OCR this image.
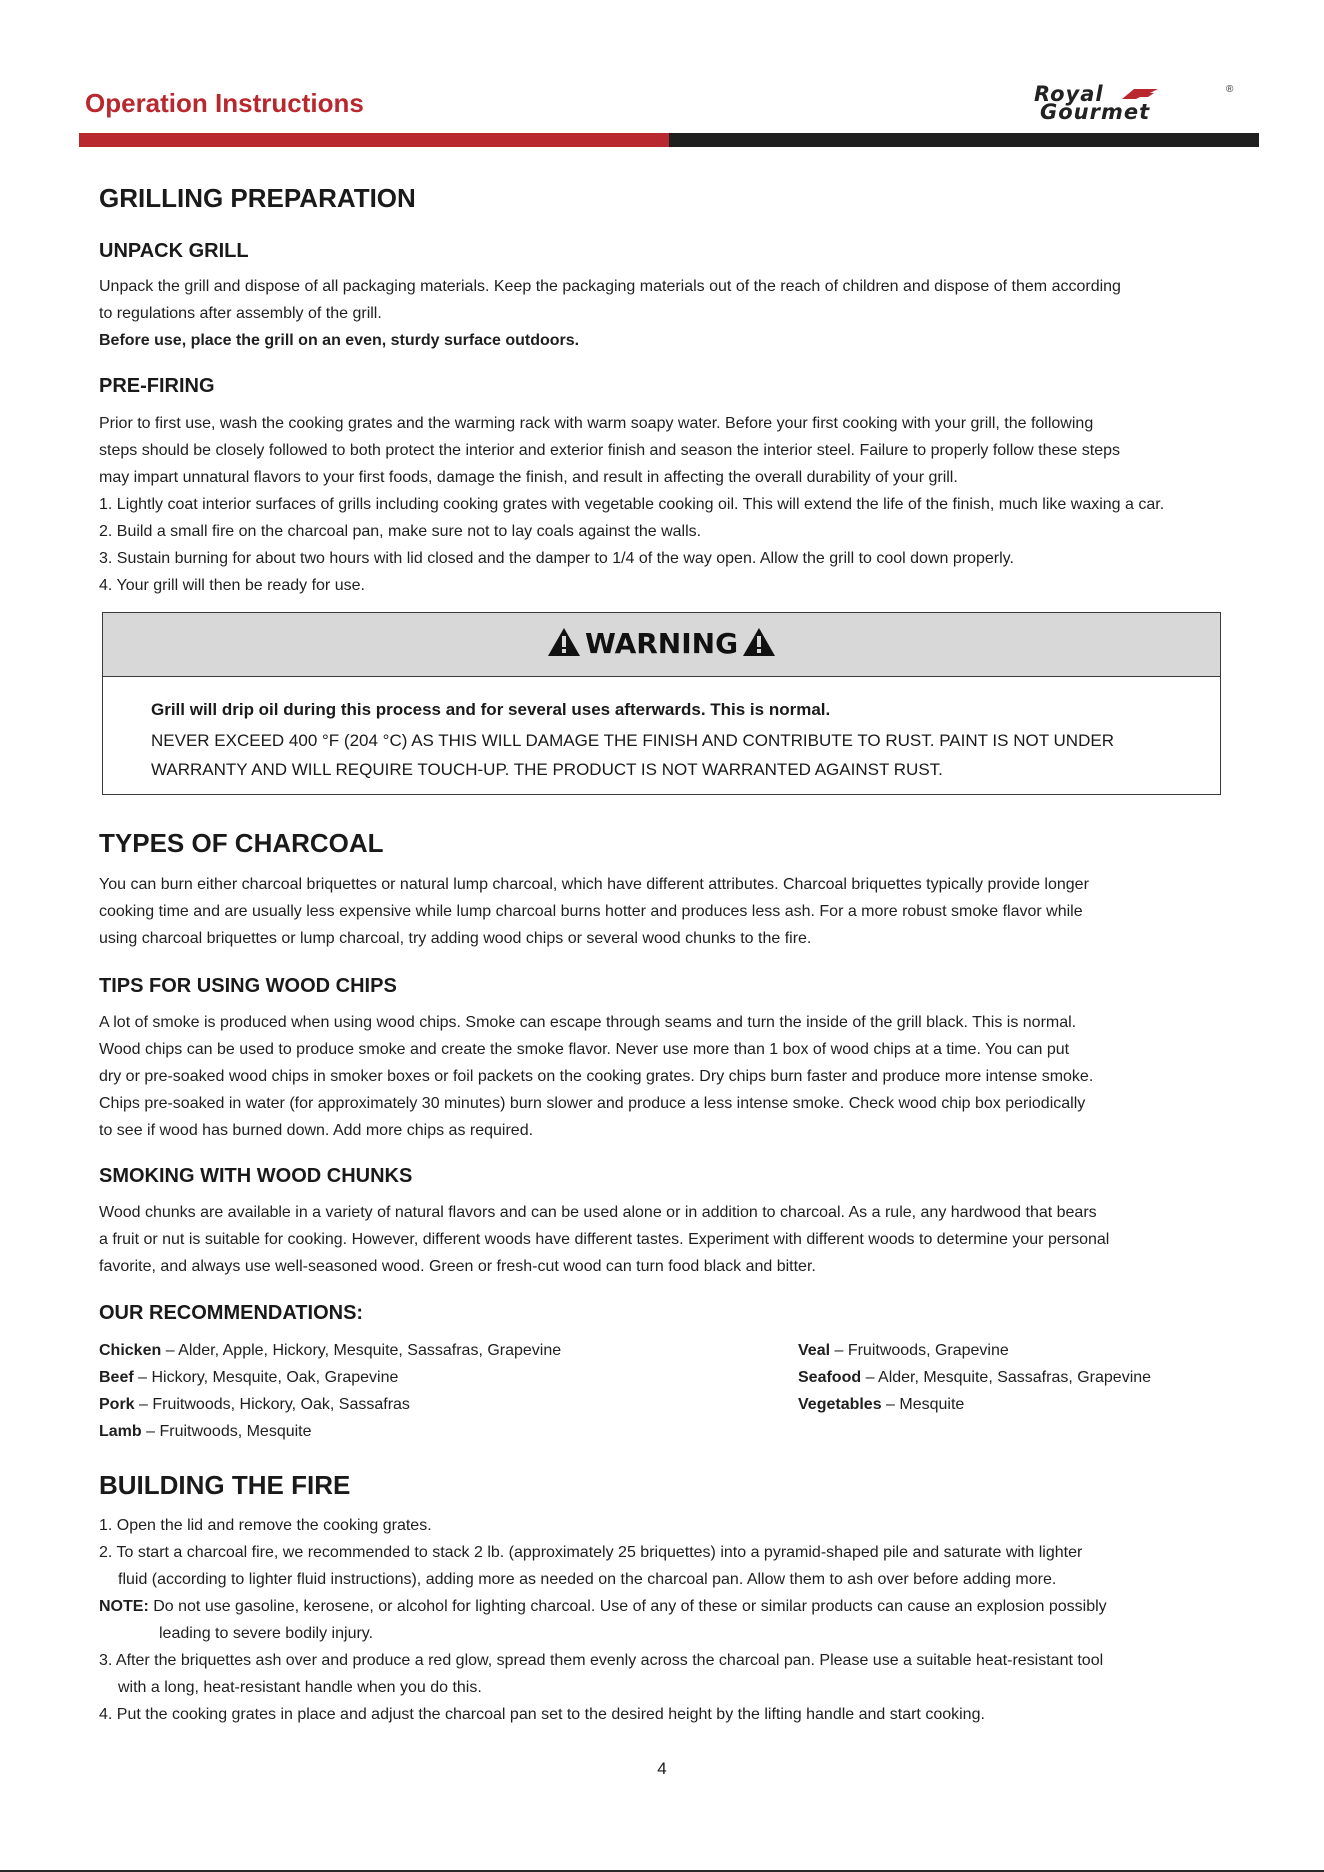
Operation Instructions	Royal
Gourmet
®
GRILLING PREPARATION
UNPACK GRILL
Unpack the grill and dispose of all packaging materials. Keep the packaging materials out of the reach of children and dispose of them according
to regulations after assembly of the grill.
Before use, place the grill on an even, sturdy surface outdoors.
PRE-FIRING
Prior to first use, wash the cooking grates and the warming rack with warm soapy water. Before your first cooking with your grill, the following
steps should be closely followed to both protect the interior and exterior finish and season the interior steel. Failure to properly follow these steps
may impart unnatural flavors to your first foods, damage the finish, and result in affecting the overall durability of your grill.
1. Lightly coat interior surfaces of grills including cooking grates with vegetable cooking oil. This will extend the life of the finish, much like waxing a car.
2. Build a small fire on the charcoal pan, make sure not to lay coals against the walls.
3. Sustain burning for about two hours with lid closed and the damper to 1/4 of the way open. Allow the grill to cool down properly.
4. Your grill will then be ready for use.
WARNING
Grill will drip oil during this process and for several uses afterwards. This is normal.
NEVER EXCEED 400 °F (204 °C) AS THIS WILL DAMAGE THE FINISH AND CONTRIBUTE TO RUST. PAINT IS NOT UNDER
WARRANTY AND WILL REQUIRE TOUCH-UP. THE PRODUCT IS NOT WARRANTED AGAINST RUST.
TYPES OF CHARCOAL
You can burn either charcoal briquettes or natural lump charcoal, which have different attributes. Charcoal briquettes typically provide longer
cooking time and are usually less expensive while lump charcoal burns hotter and produces less ash. For a more robust smoke flavor while
using charcoal briquettes or lump charcoal, try adding wood chips or several wood chunks to the fire.
TIPS FOR USING WOOD CHIPS
A lot of smoke is produced when using wood chips. Smoke can escape through seams and turn the inside of the grill black. This is normal.
Wood chips can be used to produce smoke and create the smoke flavor. Never use more than 1 box of wood chips at a time. You can put
dry or pre-soaked wood chips in smoker boxes or foil packets on the cooking grates. Dry chips burn faster and produce more intense smoke.
Chips pre-soaked in water (for approximately 30 minutes) burn slower and produce a less intense smoke. Check wood chip box periodically
to see if wood has burned down. Add more chips as required.
SMOKING WITH WOOD CHUNKS
Wood chunks are available in a variety of natural flavors and can be used alone or in addition to charcoal. As a rule, any hardwood that bears
a fruit or nut is suitable for cooking. However, different woods have different tastes. Experiment with different woods to determine your personal
favorite, and always use well-seasoned wood. Green or fresh-cut wood can turn food black and bitter.
OUR RECOMMENDATIONS:
Chicken – Alder, Apple, Hickory, Mesquite, Sassafras, Grapevine
Beef – Hickory, Mesquite, Oak, Grapevine
Pork – Fruitwoods, Hickory, Oak, Sassafras
Lamb – Fruitwoods, Mesquite
Veal – Fruitwoods, Grapevine
Seafood – Alder, Mesquite, Sassafras, Grapevine
Vegetables – Mesquite
BUILDING THE FIRE
1. Open the lid and remove the cooking grates.
2. To start a charcoal fire, we recommended to stack 2 lb. (approximately 25 briquettes) into a pyramid-shaped pile and saturate with lighter
fluid (according to lighter fluid instructions), adding more as needed on the charcoal pan. Allow them to ash over before adding more.
NOTE: Do not use gasoline, kerosene, or alcohol for lighting charcoal. Use of any of these or similar products can cause an explosion possibly
leading to severe bodily injury.
3. After the briquettes ash over and produce a red glow, spread them evenly across the charcoal pan. Please use a suitable heat-resistant tool
with a long, heat-resistant handle when you do this.
4. Put the cooking grates in place and adjust the charcoal pan set to the desired height by the lifting handle and start cooking.
4
